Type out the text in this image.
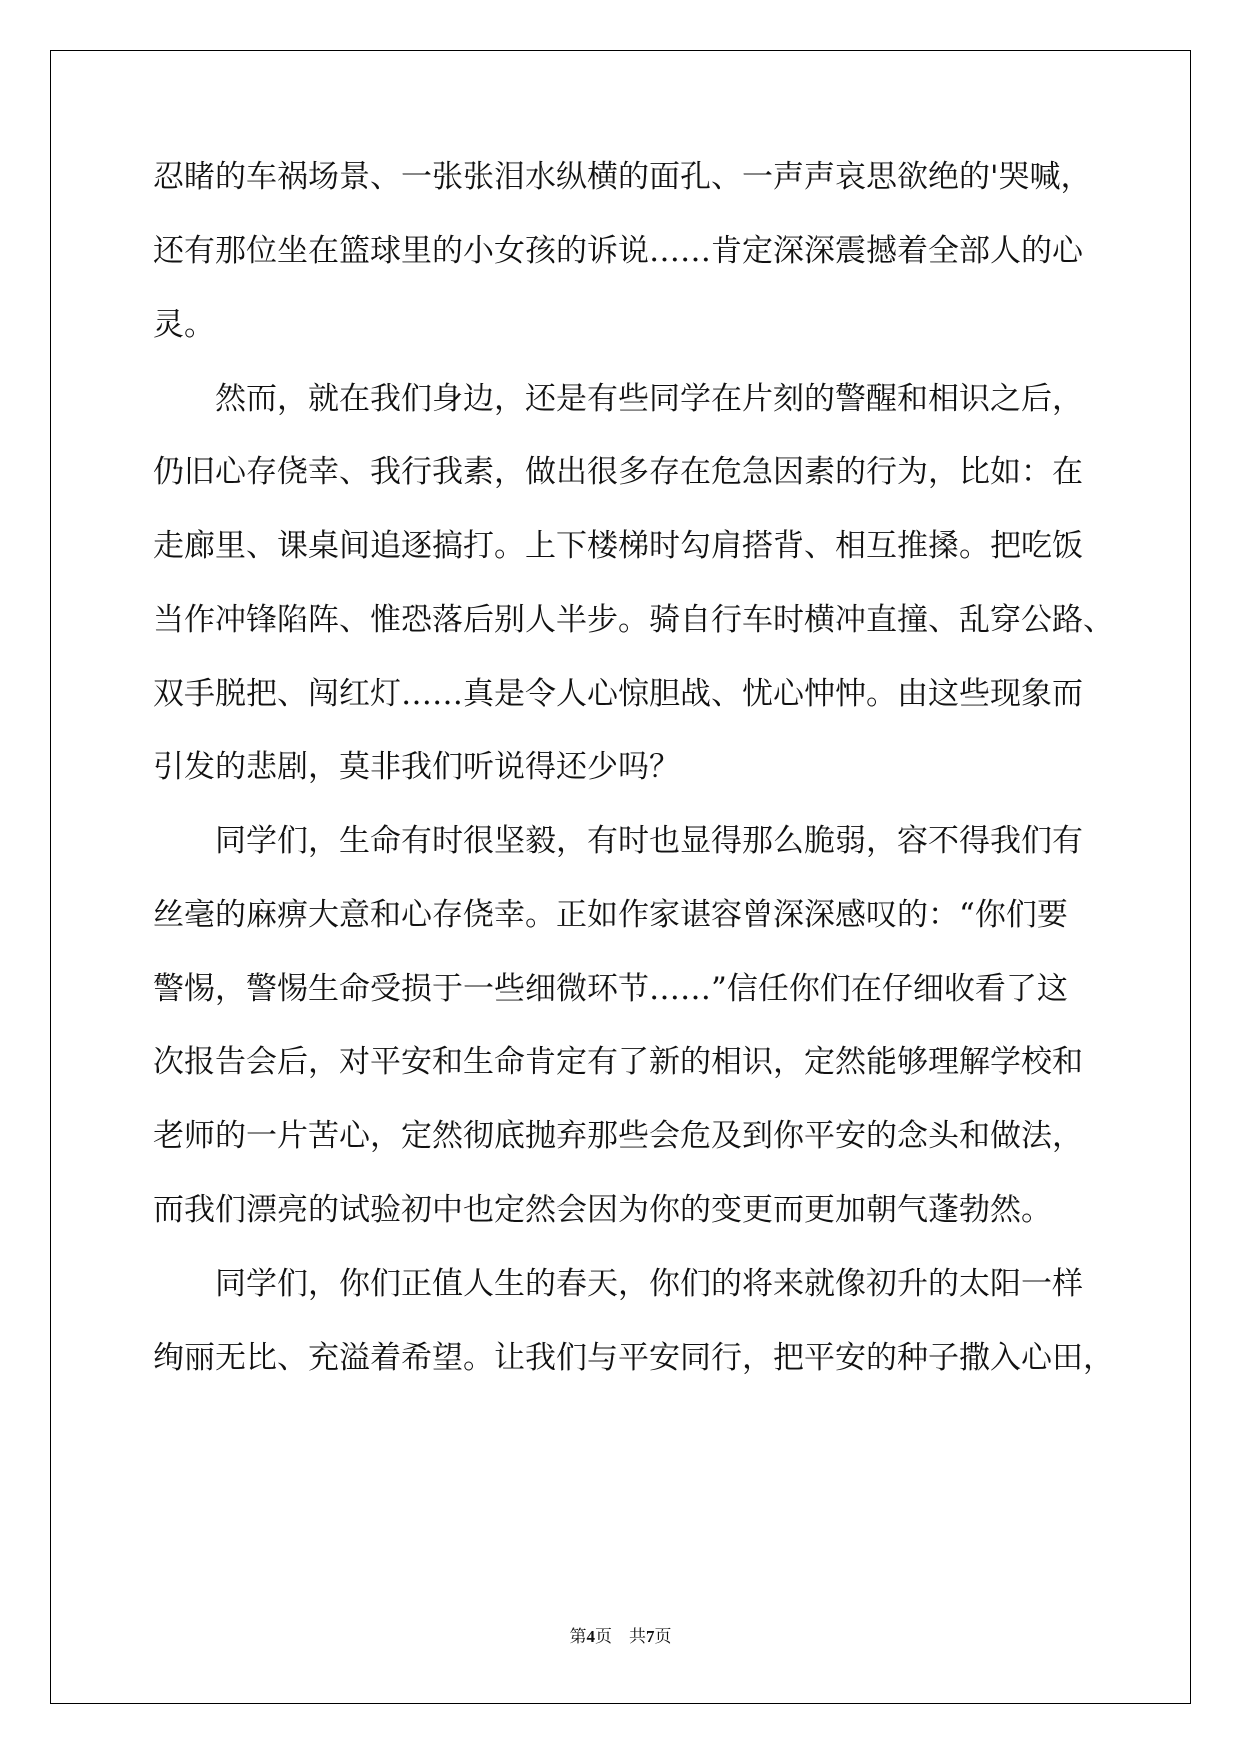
忍睹的车祸场景、一张张泪水纵横的面孔、一声声哀思欲绝的'哭喊，
还有那位坐在篮球里的小女孩的诉说……肯定深深震撼着全部人的心
灵。
然而，就在我们身边，还是有些同学在片刻的警醒和相识之后，
仍旧心存侥幸、我行我素，做出很多存在危急因素的行为，比如：在
走廊里、课桌间追逐搞打。上下楼梯时勾肩搭背、相互推搡。把吃饭
当作冲锋陷阵、惟恐落后别人半步。骑自行车时横冲直撞、乱穿公路、
双手脱把、闯红灯……真是令人心惊胆战、忧心忡忡。由这些现象而
引发的悲剧，莫非我们听说得还少吗？
同学们，生命有时很坚毅，有时也显得那么脆弱，容不得我们有
丝毫的麻痹大意和心存侥幸。正如作家谌容曾深深感叹的：“你们要
警惕，警惕生命受损于一些细微环节……”信任你们在仔细收看了这
次报告会后，对平安和生命肯定有了新的相识，定然能够理解学校和
老师的一片苦心，定然彻底抛弃那些会危及到你平安的念头和做法，
而我们漂亮的试验初中也定然会因为你的变更而更加朝气蓬勃然。
同学们，你们正值人生的春天，你们的将来就像初升的太阳一样
绚丽无比、充溢着希望。让我们与平安同行，把平安的种子撒入心田，
第4页　共7页
